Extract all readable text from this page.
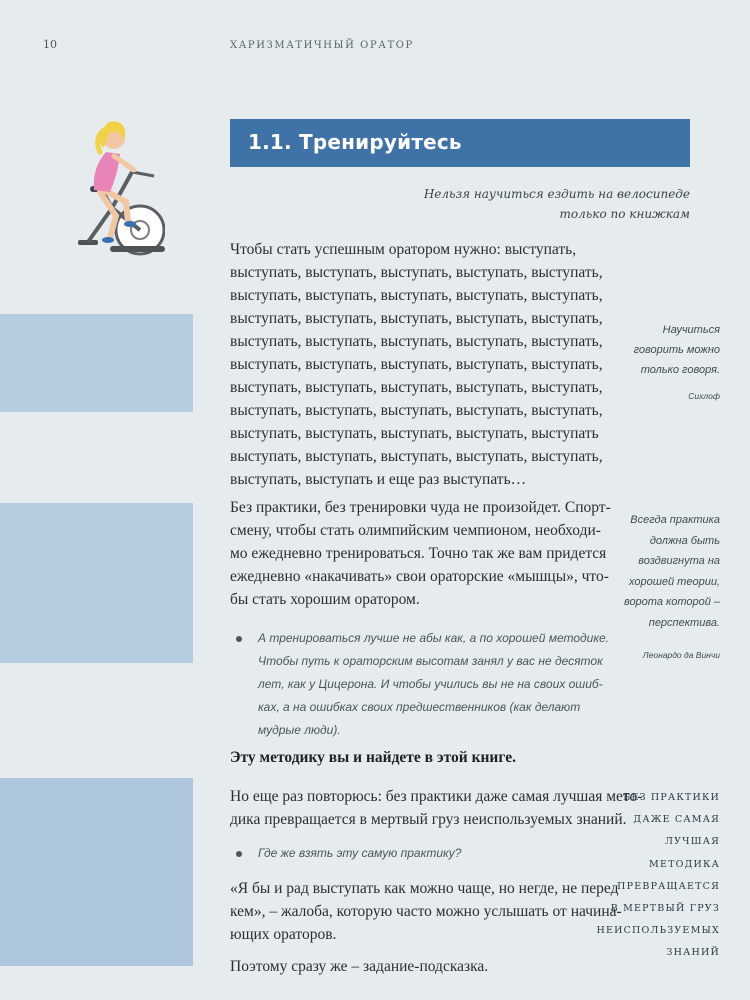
10	ХАРИЗМАТИЧНЫЙ ОРАТОР
1.1. Тренируйтесь
Нельзя научиться ездить на велосипеде
только по книжкам
Чтобы стать успешным оратором нужно: выступать,
выступать, выступать, выступать, выступать, выступать,
выступать, выступать, выступать, выступать, выступать,
выступать, выступать, выступать, выступать, выступать,
выступать, выступать, выступать, выступать, выступать,
выступать, выступать, выступать, выступать, выступать,
выступать, выступать, выступать, выступать, выступать,
выступать, выступать, выступать, выступать, выступать,
выступать, выступать, выступать, выступать, выступать
выступать, выступать, выступать, выступать, выступать,
выступать, выступать и еще раз выступать…
Без практики, без тренировки чуда не произойдет. Спорт-
смену, чтобы стать олимпийским чемпионом, необходи-
мо ежедневно тренироваться. Точно так же вам придется
ежедневно «накачивать» свои ораторские «мышцы», что-
бы стать хорошим оратором.
А тренироваться лучше не абы как, а по хорошей методике.
Чтобы путь к ораторским высотам занял у вас не десяток
лет, как у Цицерона. И чтобы учились вы не на своих ошиб-
ках, а на ошибках своих предшественников (как делают
мудрые люди).
Эту методику вы и найдете в этой книге.
Но еще раз повторюсь: без практики даже самая лучшая мето-
дика превращается в мертвый груз неиспользуемых знаний.
Где же взять эту самую практику?
«Я бы и рад выступать как можно чаще, но негде, не перед
кем», – жалоба, которую часто можно услышать от начина-
ющих ораторов.
Поэтому сразу же – задание-подсказка.
Научиться
говорить можно
только говоря.
Сихлоф
Всегда практика
должна быть
воздвигнута на
хорошей теории,
ворота которой –
перспектива.
Леонардо да Винчи
БЕЗ ПРАКТИКИ
ДАЖЕ САМАЯ
ЛУЧШАЯ
МЕТОДИКА
ПРЕВРАЩАЕТСЯ
В МЕРТВЫЙ ГРУЗ
НЕИСПОЛЬЗУЕМЫХ
ЗНАНИЙ
